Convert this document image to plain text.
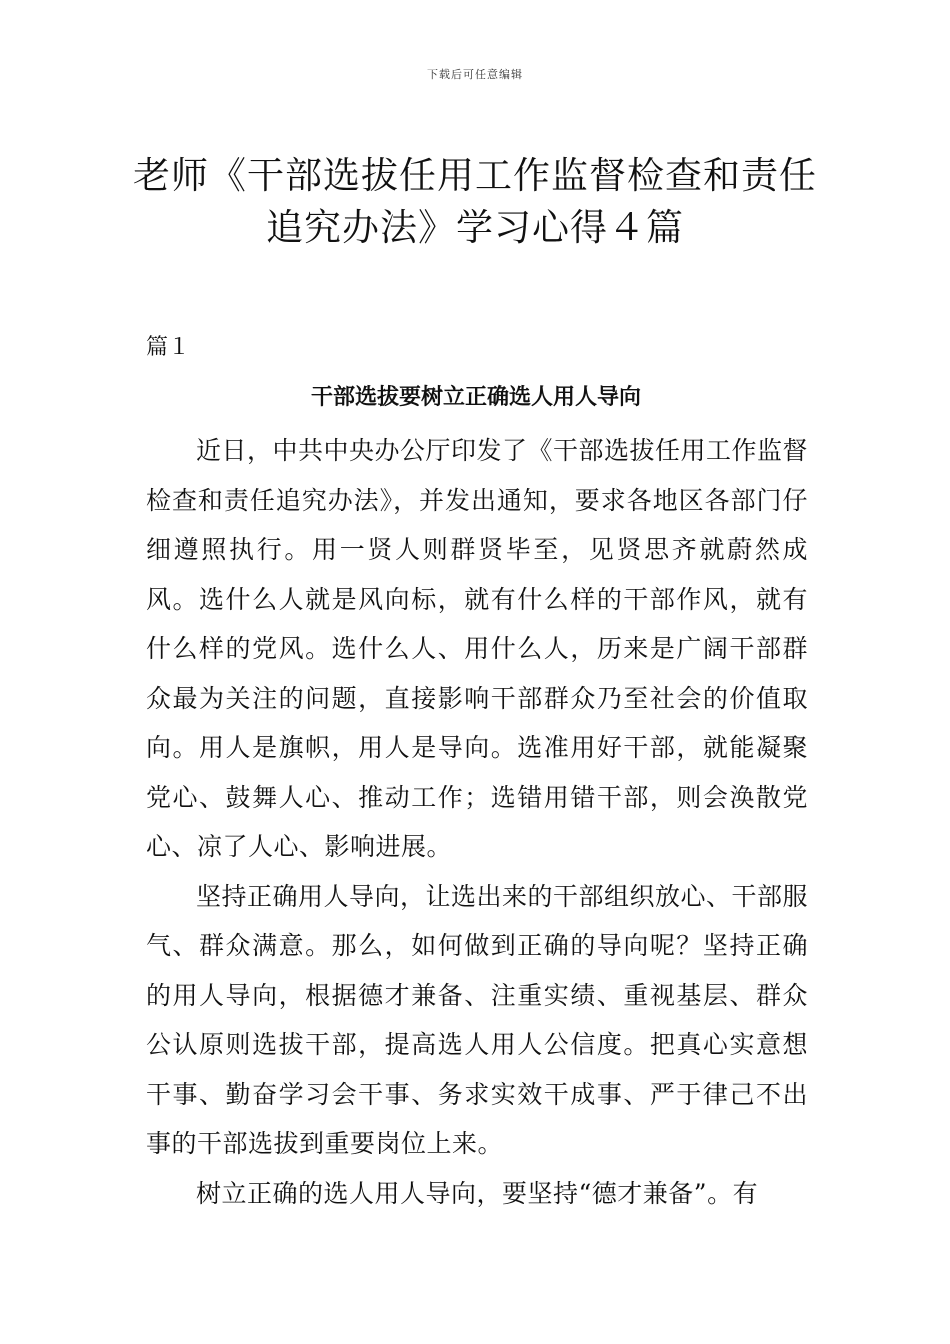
下载后可任意编辑
老师《干部选拔任用工作监督检查和责任追究办法》学习心得４篇

篇１

干部选拔要树立正确选人用人导向

近日，中共中央办公厅印发了《干部选拔任用工作监督检查和责任追究办法》，并发出通知，要求各地区各部门仔细遵照执行。用一贤人则群贤毕至，见贤思齐就蔚然成风。选什么人就是风向标，就有什么样的干部作风，就有什么样的党风。选什么人、用什么人，历来是广阔干部群众最为关注的问题，直接影响干部群众乃至社会的价值取向。用人是旗帜，用人是导向。选准用好干部，就能凝聚党心、鼓舞人心、推动工作；选错用错干部，则会涣散党心、凉了人心、影响进展。

坚持正确用人导向，让选出来的干部组织放心、干部服气、群众满意。那么，如何做到正确的导向呢？坚持正确的用人导向，根据德才兼备、注重实绩、重视基层、群众公认原则选拔干部，提高选人用人公信度。把真心实意想干事、勤奋学习会干事、务求实效干成事、严于律己不出事的干部选拔到重要岗位上来。

树立正确的选人用人导向，要坚持“德才兼备”。有
